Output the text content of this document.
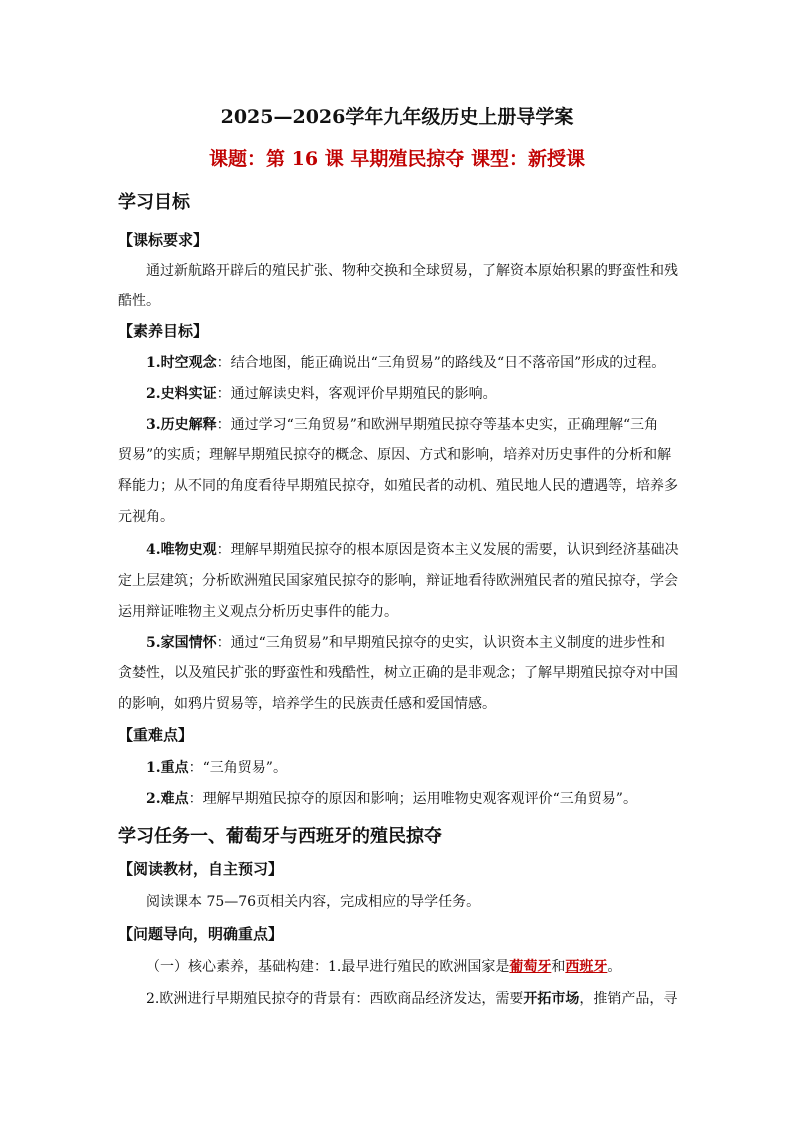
2025—2026学年九年级历史上册导学案
课题：第 16 课 早期殖民掠夺 课型：新授课
学习目标
【课标要求】
通过新航路开辟后的殖民扩张、物种交换和全球贸易，了解资本原始积累的野蛮性和残
酷性。
【素养目标】
1.时空观念：结合地图，能正确说出“三角贸易”的路线及“日不落帝国”形成的过程。
2.史料实证：通过解读史料，客观评价早期殖民的影响。
3.历史解释：通过学习“三角贸易”和欧洲早期殖民掠夺等基本史实，正确理解“三角
贸易”的实质；理解早期殖民掠夺的概念、原因、方式和影响，培养对历史事件的分析和解
释能力；从不同的角度看待早期殖民掠夺，如殖民者的动机、殖民地人民的遭遇等，培养多
元视角。
4.唯物史观：理解早期殖民掠夺的根本原因是资本主义发展的需要，认识到经济基础决
定上层建筑；分析欧洲殖民国家殖民掠夺的影响，辩证地看待欧洲殖民者的殖民掠夺，学会
运用辩证唯物主义观点分析历史事件的能力。
5.家国情怀：通过“三角贸易”和早期殖民掠夺的史实，认识资本主义制度的进步性和
贪婪性，以及殖民扩张的野蛮性和残酷性，树立正确的是非观念；了解早期殖民掠夺对中国
的影响，如鸦片贸易等，培养学生的民族责任感和爱国情感。
【重难点】
1.重点：“三角贸易”。
2.难点：理解早期殖民掠夺的原因和影响；运用唯物史观客观评价“三角贸易”。
学习任务一、葡萄牙与西班牙的殖民掠夺
【阅读教材，自主预习】
阅读课本 75—76页相关内容，完成相应的导学任务。
【问题导向，明确重点】
（一）核心素养，基础构建：1.最早进行殖民的欧洲国家是葡萄牙和西班牙。
2.欧洲进行早期殖民掠夺的背景有：西欧商品经济发达，需要开拓市场，推销产品，寻
